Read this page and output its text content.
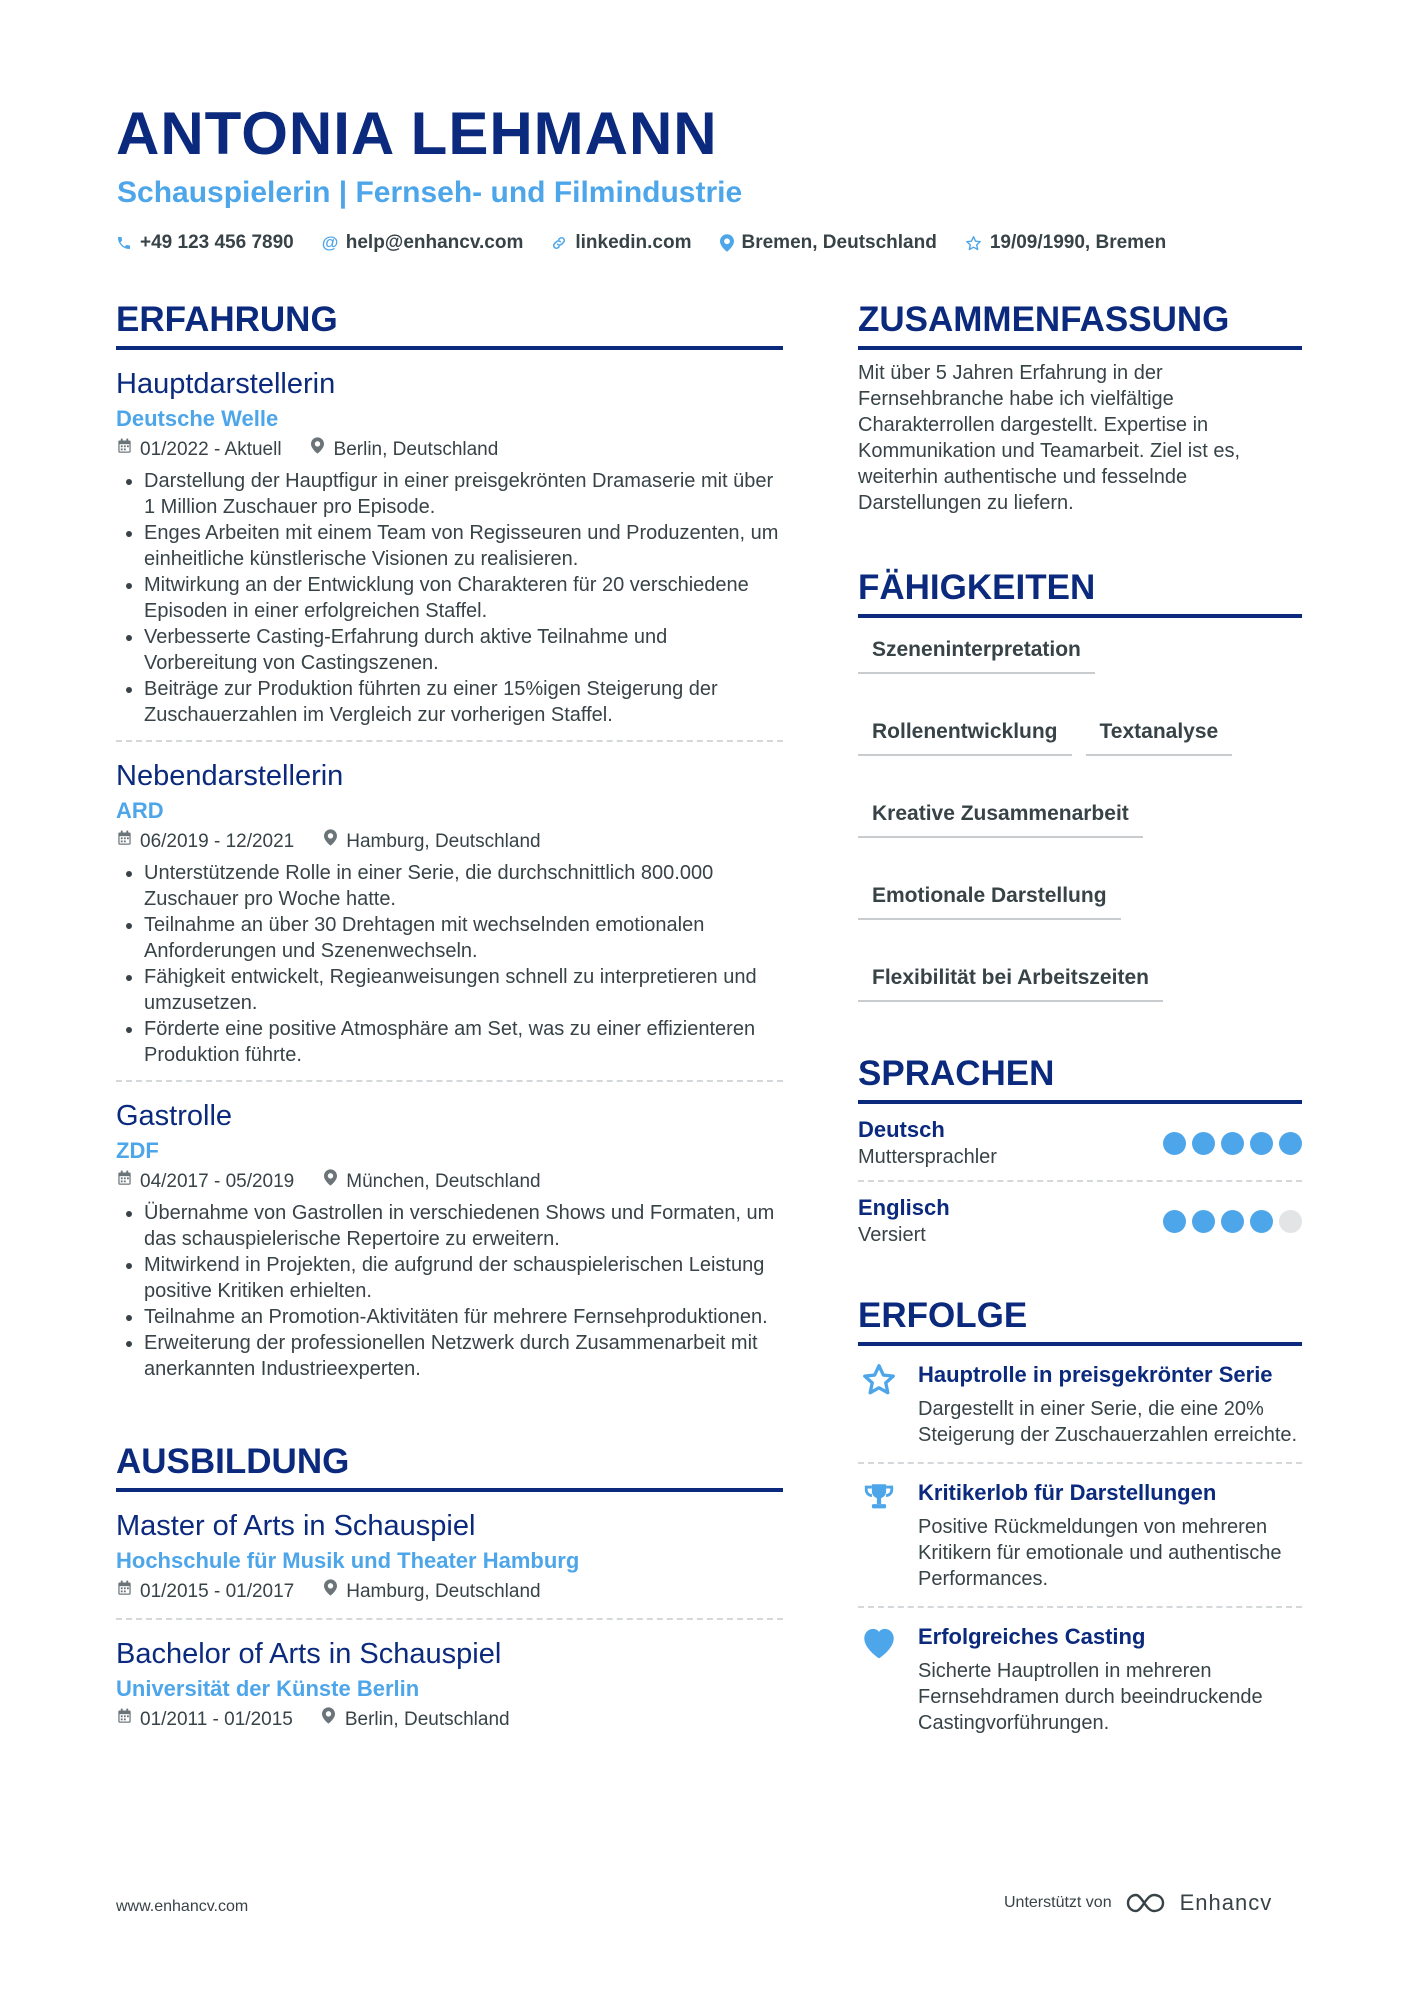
ANTONIA LEHMANN
Schauspielerin | Fernseh- und Filmindustrie
+49 123 456 7890 @ help@enhancv.com	linkedin.com	Bremen, Deutschland	19/09/1990, Bremen
ERFAHRUNG
Hauptdarstellerin
Deutsche Welle
01/2022 - Aktuell	Berlin, Deutschland
• Darstellung der Hauptfigur in einer preisgekrönten Dramaserie mit über 1 Million Zuschauer pro Episode.
• Enges Arbeiten mit einem Team von Regisseuren und Produzenten, um einheitliche künstlerische Visionen zu realisieren.
• Mitwirkung an der Entwicklung von Charakteren für 20 verschiedene Episoden in einer erfolgreichen Staffel.
• Verbesserte Casting-Erfahrung durch aktive Teilnahme und Vorbereitung von Castingszenen.
• Beiträge zur Produktion führten zu einer 15%igen Steigerung der Zuschauerzahlen im Vergleich zur vorherigen Staffel.
Nebendarstellerin
ARD
06/2019 - 12/2021	Hamburg, Deutschland
• Unterstützende Rolle in einer Serie, die durchschnittlich 800.000 Zuschauer pro Woche hatte.
• Teilnahme an über 30 Drehtagen mit wechselnden emotionalen Anforderungen und Szenenwechseln.
• Fähigkeit entwickelt, Regieanweisungen schnell zu interpretieren und umzusetzen.
• Förderte eine positive Atmosphäre am Set, was zu einer effizienteren Produktion führte.
Gastrolle
ZDF
04/2017 - 05/2019	München, Deutschland
• Übernahme von Gastrollen in verschiedenen Shows und Formaten, um das schauspielerische Repertoire zu erweitern.
• Mitwirkend in Projekten, die aufgrund der schauspielerischen Leistung positive Kritiken erhielten.
• Teilnahme an Promotion-Aktivitäten für mehrere Fernsehproduktionen.
• Erweiterung der professionellen Netzwerk durch Zusammenarbeit mit anerkannten Industrieexperten.
AUSBILDUNG
Master of Arts in Schauspiel
Hochschule für Musik und Theater Hamburg
01/2015 - 01/2017	Hamburg, Deutschland
Bachelor of Arts in Schauspiel
Universität der Künste Berlin
01/2011 - 01/2015	Berlin, Deutschland
ZUSAMMENFASSUNG
Mit über 5 Jahren Erfahrung in der Fernsehbranche habe ich vielfältige Charakterrollen dargestellt. Expertise in Kommunikation und Teamarbeit. Ziel ist es, weiterhin authentische und fesselnde Darstellungen zu liefern.
FÄHIGKEITEN
Szeneninterpretation
Rollenentwicklung	Textanalyse
Kreative Zusammenarbeit
Emotionale Darstellung
Flexibilität bei Arbeitszeiten
SPRACHEN
Deutsch
Muttersprachler
Englisch
Versiert
ERFOLGE
Hauptrolle in preisgekrönter Serie
Dargestellt in einer Serie, die eine 20% Steigerung der Zuschauerzahlen erreichte.
Kritikerlob für Darstellungen
Positive Rückmeldungen von mehreren Kritikern für emotionale und authentische Performances.
Erfolgreiches Casting
Sicherte Hauptrollen in mehreren Fernsehdramen durch beeindruckende Castingvorführungen.
www.enhancv.com	Unterstützt von	Enhancv
